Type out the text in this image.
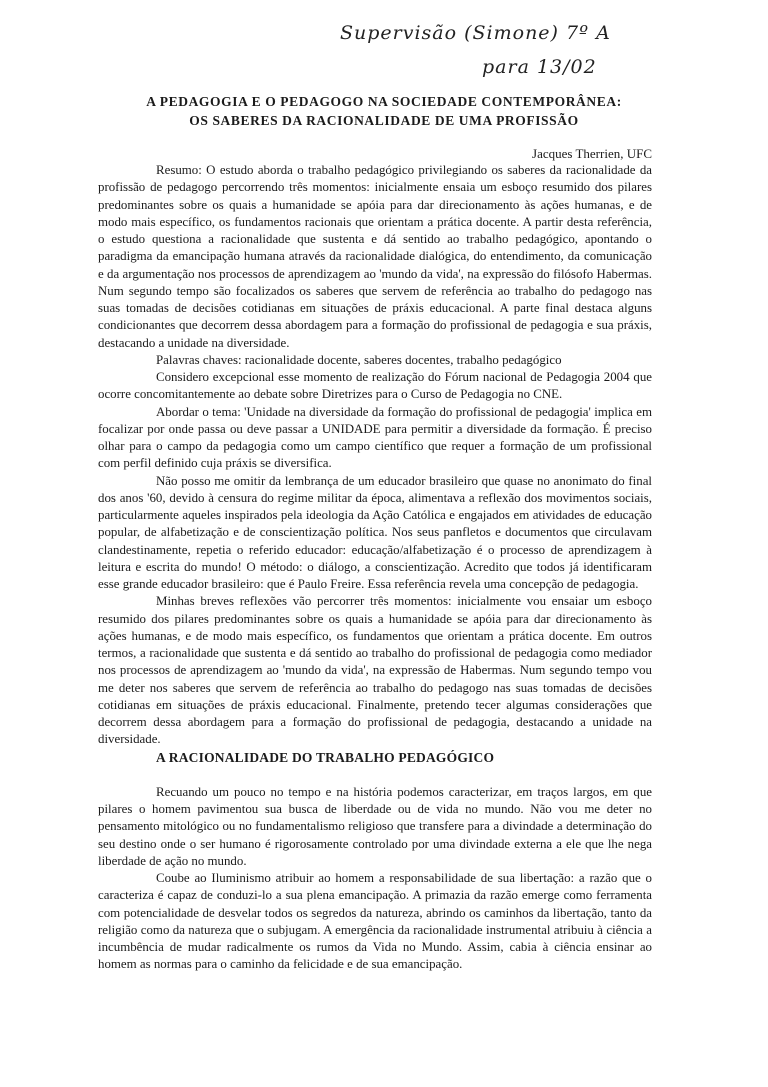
Supervisão (Simone) 7º A
para 13/02
A PEDAGOGIA E O PEDAGOGO NA SOCIEDADE CONTEMPORÂNEA:
OS SABERES DA RACIONALIDADE DE UMA PROFISSÃO
Jacques Therrien, UFC

Resumo: O estudo aborda o trabalho pedagógico privilegiando os saberes da racionalidade da profissão de pedagogo percorrendo três momentos: inicialmente ensaia um esboço resumido dos pilares predominantes sobre os quais a humanidade se apóia para dar direcionamento às ações humanas, e de modo mais específico, os fundamentos racionais que orientam a prática docente. A partir desta referência, o estudo questiona a racionalidade que sustenta e dá sentido ao trabalho pedagógico, apontando o paradigma da emancipação humana através da racionalidade dialógica, do entendimento, da comunicação e da argumentação nos processos de aprendizagem ao 'mundo da vida', na expressão do filósofo Habermas. Num segundo tempo são focalizados os saberes que servem de referência ao trabalho do pedagogo nas suas tomadas de decisões cotidianas em situações de práxis educacional. A parte final destaca alguns condicionantes que decorrem dessa abordagem para a formação do profissional de pedagogia e sua práxis, destacando a unidade na diversidade.

Palavras chaves: racionalidade docente, saberes docentes, trabalho pedagógico

Considero excepcional esse momento de realização do Fórum nacional de Pedagogia 2004 que ocorre concomitantemente ao debate sobre Diretrizes para o Curso de Pedagogia no CNE.

Abordar o tema: 'Unidade na diversidade da formação do profissional de pedagogia' implica em focalizar por onde passa ou deve passar a UNIDADE para permitir a diversidade da formação. É preciso olhar para o campo da pedagogia como um campo científico que requer a formação de um profissional com perfil definido cuja práxis se diversifica.

Não posso me omitir da lembrança de um educador brasileiro que quase no anonimato do final dos anos '60, devido à censura do regime militar da época, alimentava a reflexão dos movimentos sociais, particularmente aqueles inspirados pela ideologia da Ação Católica e engajados em atividades de educação popular, de alfabetização e de conscientização política. Nos seus panfletos e documentos que circulavam clandestinamente, repetia o referido educador: educação/alfabetização é o processo de aprendizagem à leitura e escrita do mundo! O método: o diálogo, a conscientização. Acredito que todos já identificaram esse grande educador brasileiro: que é Paulo Freire. Essa referência revela uma concepção de pedagogia.

Minhas breves reflexões vão percorrer três momentos: inicialmente vou ensaiar um esboço resumido dos pilares predominantes sobre os quais a humanidade se apóia para dar direcionamento às ações humanas, e de modo mais específico, os fundamentos que orientam a prática docente. Em outros termos, a racionalidade que sustenta e dá sentido ao trabalho do profissional de pedagogia como mediador nos processos de aprendizagem ao 'mundo da vida', na expressão de Habermas. Num segundo tempo vou me deter nos saberes que servem de referência ao trabalho do pedagogo nas suas tomadas de decisões cotidianas em situações de práxis educacional. Finalmente, pretendo tecer algumas considerações que decorrem dessa abordagem para a formação do profissional de pedagogia, destacando a unidade na diversidade.

A RACIONALIDADE DO TRABALHO PEDAGÓGICO

Recuando um pouco no tempo e na história podemos caracterizar, em traços largos, em que pilares o homem pavimentou sua busca de liberdade ou de vida no mundo. Não vou me deter no pensamento mitológico ou no fundamentalismo religioso que transfere para a divindade a determinação do seu destino onde o ser humano é rigorosamente controlado por uma divindade externa a ele que lhe nega liberdade de ação no mundo.

Coube ao Iluminismo atribuir ao homem a responsabilidade de sua libertação: a razão que o caracteriza é capaz de conduzi-lo a sua plena emancipação. A primazia da razão emerge como ferramenta com potencialidade de desvelar todos os segredos da natureza, abrindo os caminhos da libertação, tanto da religião como da natureza que o subjugam. A emergência da racionalidade instrumental atribuiu à ciência a incumbência de mudar radicalmente os rumos da Vida no Mundo. Assim, cabia à ciência ensinar ao homem as normas para o caminho da felicidade e de sua emancipação.
